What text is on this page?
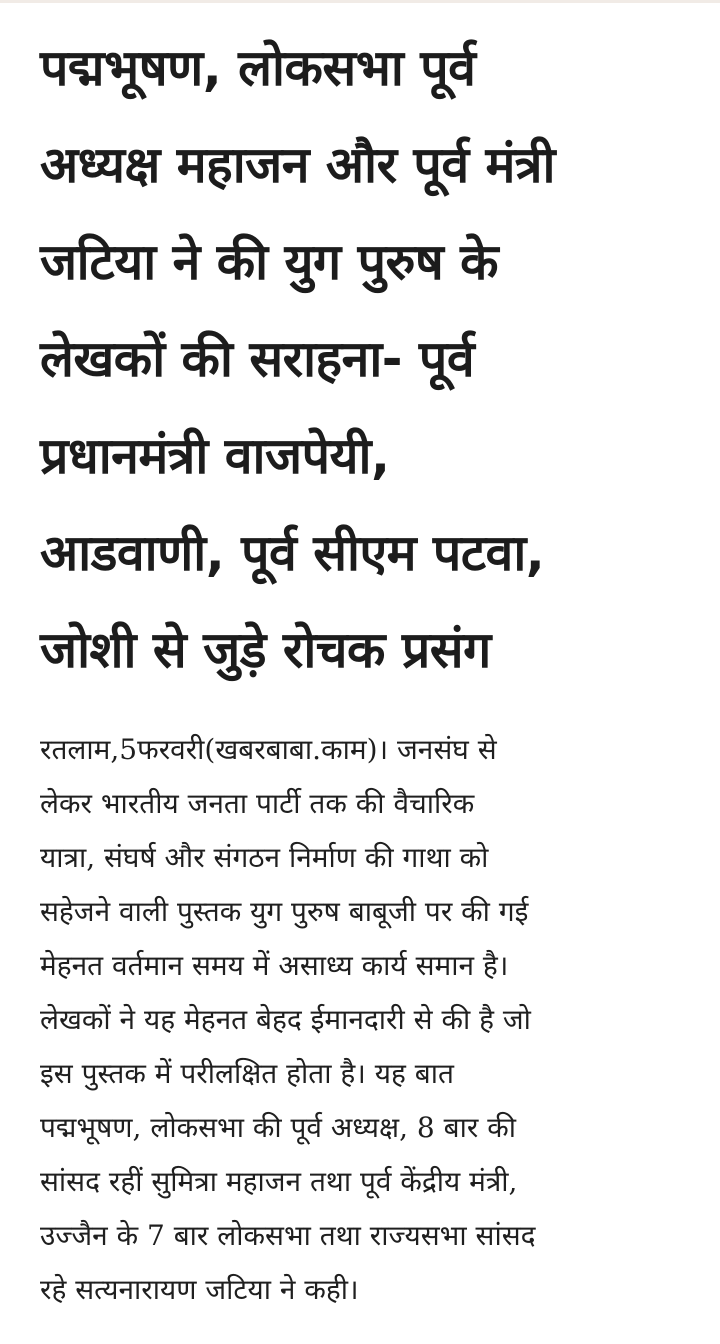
पद्मभूषण, लोकसभा पूर्व
अध्यक्ष महाजन और पूर्व मंत्री
जटिया ने की युग पुरुष के
लेखकों की सराहना- पूर्व
प्रधानमंत्री वाजपेयी,
आडवाणी, पूर्व सीएम पटवा,
जोशी से जुड़े रोचक प्रसंग

रतलाम,5फरवरी(खबरबाबा.काम)। जनसंघ से
लेकर भारतीय जनता पार्टी तक की वैचारिक
यात्रा, संघर्ष और संगठन निर्माण की गाथा को
सहेजने वाली पुस्तक युग पुरुष बाबूजी पर की गई
मेहनत वर्तमान समय में असाध्य कार्य समान है।
लेखकों ने यह मेहनत बेहद ईमानदारी से की है जो
इस पुस्तक में परीलक्षित होता है। यह बात
पद्मभूषण, लोकसभा की पूर्व अध्यक्ष, 8 बार की
सांसद रहीं सुमित्रा महाजन तथा पूर्व केंद्रीय मंत्री,
उज्जैन के 7 बार लोकसभा तथा राज्यसभा सांसद
रहे सत्यनारायण जटिया ने कही।
